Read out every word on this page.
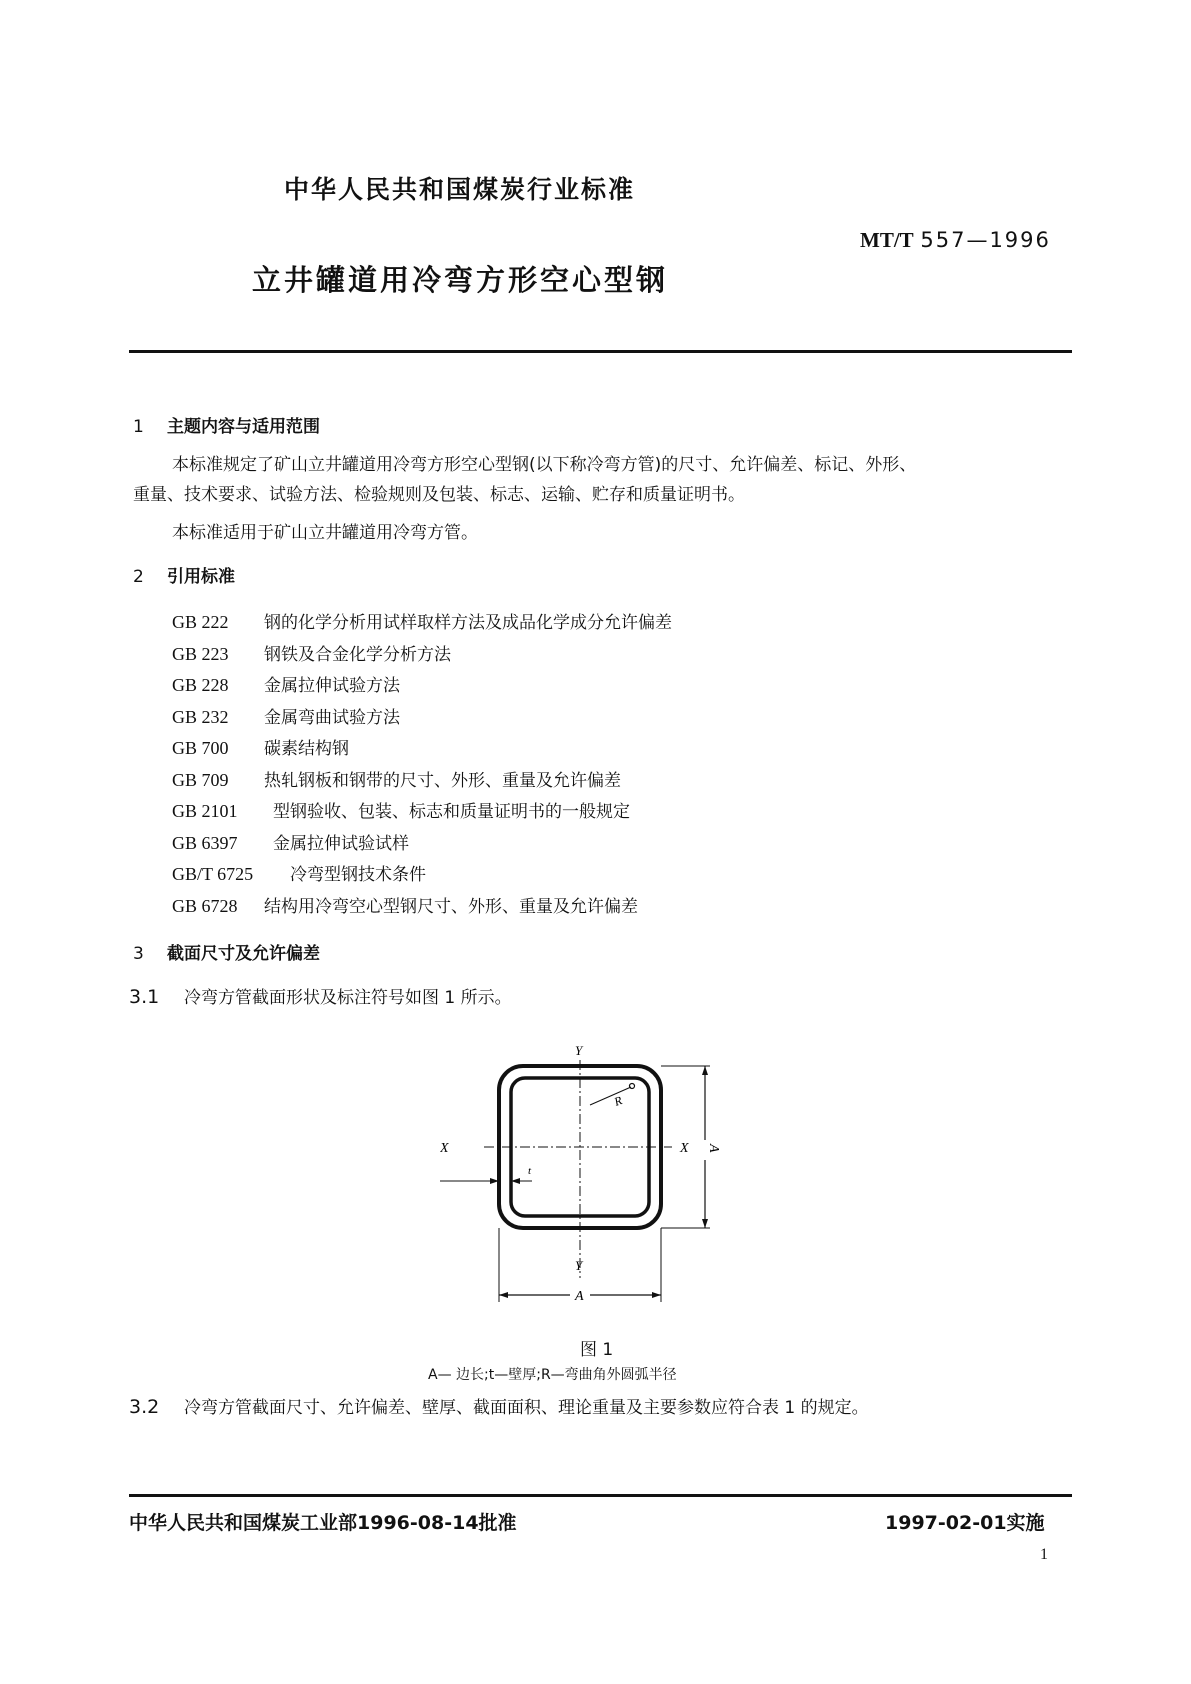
中华人民共和国煤炭行业标准
MT/T 557—1996
立井罐道用冷弯方形空心型钢
1 主题内容与适用范围
本标准规定了矿山立井罐道用冷弯方形空心型钢(以下称冷弯方管)的尺寸、允许偏差、标记、外形、
重量、技术要求、试验方法、检验规则及包装、标志、运输、贮存和质量证明书。
本标准适用于矿山立井罐道用冷弯方管。
2 引用标准
GB 222 钢的化学分析用试样取样方法及成品化学成分允许偏差
GB 223 钢铁及合金化学分析方法
GB 228 金属拉伸试验方法
GB 232 金属弯曲试验方法
GB 700 碳素结构钢
GB 709 热轧钢板和钢带的尺寸、外形、重量及允许偏差
GB 2101 型钢验收、包装、标志和质量证明书的一般规定
GB 6397 金属拉伸试验试样
GB/T 6725 冷弯型钢技术条件
GB 6728 结构用冷弯空心型钢尺寸、外形、重量及允许偏差
3 截面尺寸及允许偏差
3.1 冷弯方管截面形状及标注符号如图 1 所示。
Y
Y
X	X
A
A
t
R
图 1
A— 边长;t—壁厚;R—弯曲角外圆弧半径
3.2 冷弯方管截面尺寸、允许偏差、壁厚、截面面积、理论重量及主要参数应符合表 1 的规定。
中华人民共和国煤炭工业部1996-08-14批准	1997-02-01实施
1
